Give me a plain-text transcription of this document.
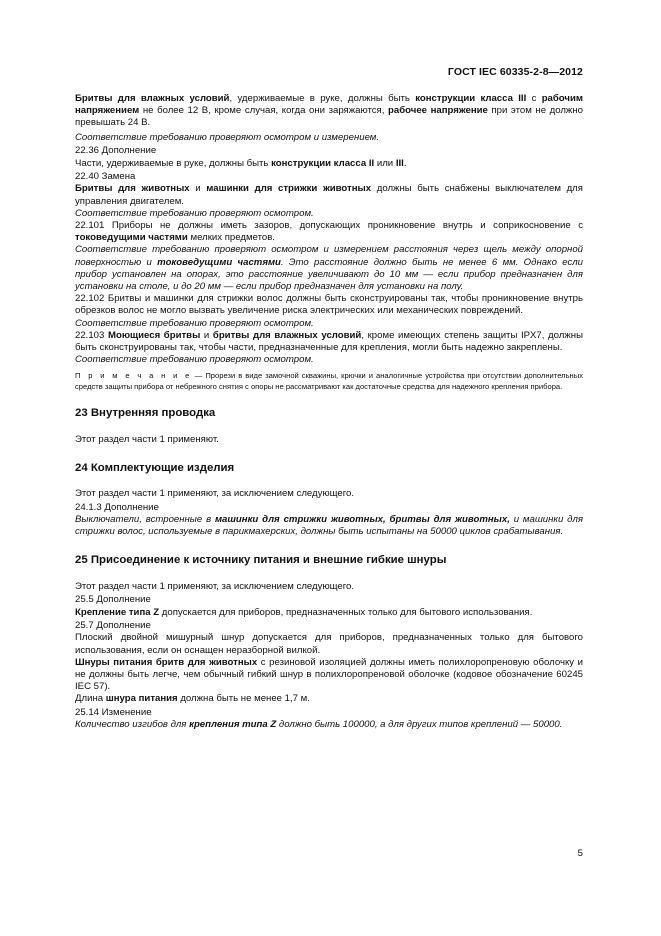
ГОСТ IEC 60335-2-8—2012

Бритвы для влажных условий, удерживаемые в руке, должны быть конструкции класса III с рабочим напряжением не более 12 В, кроме случая, когда они заряжаются, рабочее напряжение при этом не должно превышать 24 В.

Соответствие требованию проверяют осмотром и измерением.

22.36 Дополнение

Части, удерживаемые в руке, должны быть конструкции класса II или III.

22.40 Замена

Бритвы для животных и машинки для стрижки животных должны быть снабжены выключателем для управления двигателем.

Соответствие требованию проверяют осмотром.

22.101 Приборы не должны иметь зазоров, допускающих проникновение внутрь и соприкосновение с токоведущими частями мелких предметов.

Соответствие требованию проверяют осмотром и измерением расстояния через щель между опорной поверхностью и токоведущими частями. Это расстояние должно быть не менее 6 мм. Однако если прибор установлен на опорах, это расстояние увеличивают до 10 мм — если прибор предназначен для установки на столе, и до 20 мм — если прибор предназначен для установки на полу.

22.102 Бритвы и машинки для стрижки волос должны быть сконструированы так, чтобы проникновение внутрь обрезков волос не могло вызвать увеличение риска электрических или механических повреждений.

Соответствие требованию проверяют осмотром.

22.103 Моющиеся бритвы и бритвы для влажных условий, кроме имеющих степень защиты IPX7, должны быть сконструированы так, чтобы части, предназначенные для крепления, могли быть надежно закреплены.

Соответствие требованию проверяют осмотром.

П р и м е ч а н и е — Прорези в виде замочной скважины, крючки и аналогичные устройства при отсутствии дополнительных средств защиты прибора от небрежного снятия с опоры не рассматривают как достаточные средства для надежного крепления прибора.

23 Внутренняя проводка

Этот раздел части 1 применяют.

24 Комплектующие изделия

Этот раздел части 1 применяют, за исключением следующего.

24.1.3 Дополнение

Выключатели, встроенные в машинки для стрижки животных, бритвы для животных, и машинки для стрижки волос, используемые в парикмахерских, должны быть испытаны на 50000 циклов срабатывания.

25 Присоединение к источнику питания и внешние гибкие шнуры

Этот раздел части 1 применяют, за исключением следующего.

25.5 Дополнение

Крепление типа Z допускается для приборов, предназначенных только для бытового использования.

25.7 Дополнение

Плоский двойной мишурный шнур допускается для приборов, предназначенных только для бытового использования, если он оснащен неразборной вилкой.

Шнуры питания бритв для животных с резиновой изоляцией должны иметь полихлоропреновую оболочку и не должны быть легче, чем обычный гибкий шнур в полихлоропреновой оболочке (кодовое обозначение 60245 IEC 57).

Длина шнура питания должна быть не менее 1,7 м.

25.14 Изменение

Количество изгибов для крепления типа Z должно быть 100000, а для других типов креплений — 50000.

5
